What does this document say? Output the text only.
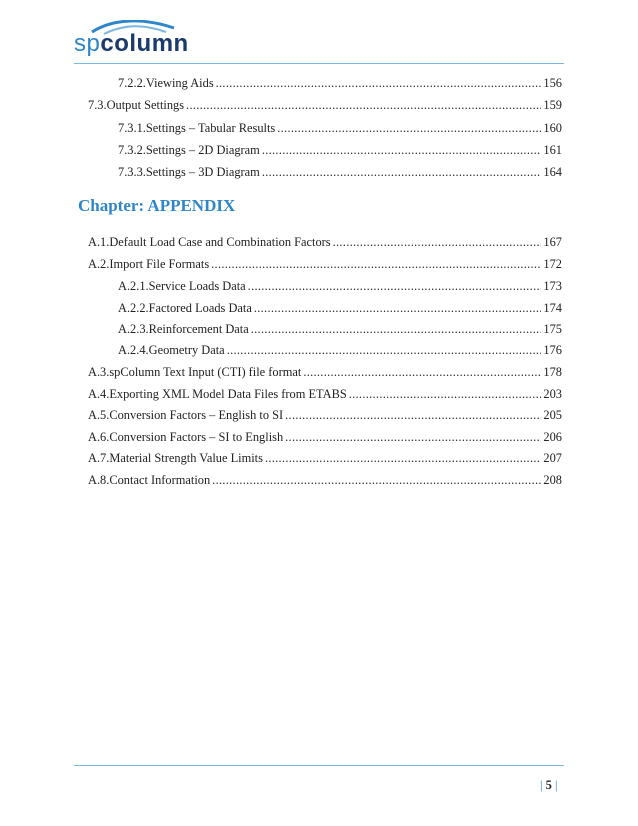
spcolumn
7.2.2. Viewing Aids .....	156
7.3. Output Settings .....	159
7.3.1. Settings – Tabular Results .....	160
7.3.2. Settings – 2D Diagram .....	161
7.3.3. Settings – 3D Diagram .....	164
Chapter: APPENDIX
A.1. Default Load Case and Combination Factors .....	167
A.2. Import File Formats .....	172
A.2.1. Service Loads Data .....	173
A.2.2. Factored Loads Data .....	174
A.2.3. Reinforcement Data .....	175
A.2.4. Geometry Data .....	176
A.3. spColumn Text Input (CTI) file format .....	178
A.4. Exporting XML Model Data Files from ETABS .....	203
A.5. Conversion Factors – English to SI .....	205
A.6. Conversion Factors – SI to English .....	206
A.7. Material Strength Value Limits .....	207
A.8. Contact Information .....	208
| 5 |
